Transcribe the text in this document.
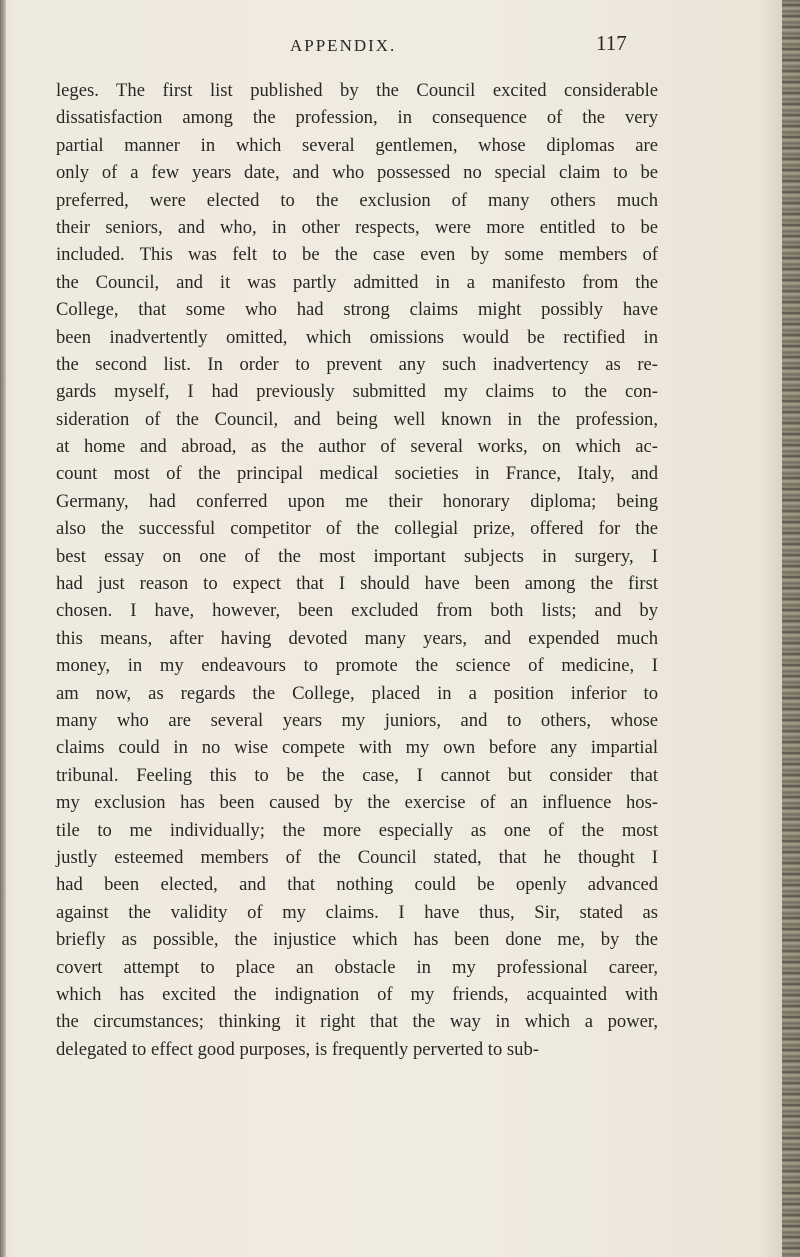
APPENDIX.	117
leges. The first list published by the Council excited considerable
dissatisfaction among the profession, in consequence of the very
partial manner in which several gentlemen, whose diplomas are
only of a few years date, and who possessed no special claim to be
preferred, were elected to the exclusion of many others much
their seniors, and who, in other respects, were more entitled to be
included. This was felt to be the case even by some members of
the Council, and it was partly admitted in a manifesto from the
College, that some who had strong claims might possibly have
been inadvertently omitted, which omissions would be rectified in
the second list. In order to prevent any such inadvertency as re-
gards myself, I had previously submitted my claims to the con-
sideration of the Council, and being well known in the profession,
at home and abroad, as the author of several works, on which ac-
count most of the principal medical societies in France, Italy, and
Germany, had conferred upon me their honorary diploma; being
also the successful competitor of the collegial prize, offered for the
best essay on one of the most important subjects in surgery, I
had just reason to expect that I should have been among the first
chosen. I have, however, been excluded from both lists; and by
this means, after having devoted many years, and expended much
money, in my endeavours to promote the science of medicine, I
am now, as regards the College, placed in a position inferior to
many who are several years my juniors, and to others, whose
claims could in no wise compete with my own before any impartial
tribunal. Feeling this to be the case, I cannot but consider that
my exclusion has been caused by the exercise of an influence hos-
tile to me individually; the more especially as one of the most
justly esteemed members of the Council stated, that he thought I
had been elected, and that nothing could be openly advanced
against the validity of my claims. I have thus, Sir, stated as
briefly as possible, the injustice which has been done me, by the
covert attempt to place an obstacle in my professional career,
which has excited the indignation of my friends, acquainted with
the circumstances; thinking it right that the way in which a power,
delegated to effect good purposes, is frequently perverted to sub-
